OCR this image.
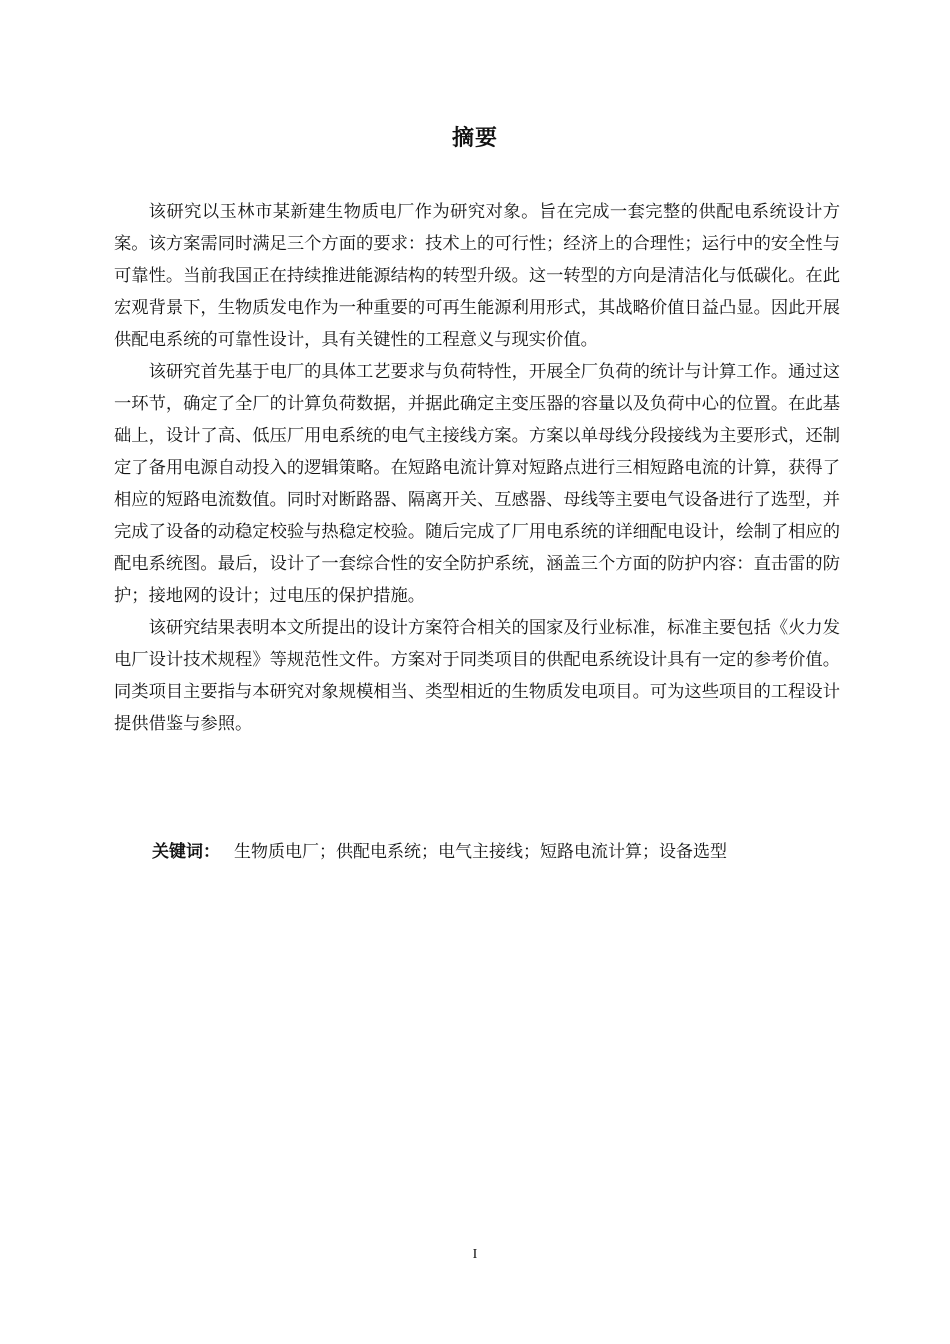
摘要

该研究以玉林市某新建生物质电厂作为研究对象。旨在完成一套完整的供配电系统设计方案。该方案需同时满足三个方面的要求：技术上的可行性；经济上的合理性；运行中的安全性与可靠性。当前我国正在持续推进能源结构的转型升级。这一转型的方向是清洁化与低碳化。在此宏观背景下，生物质发电作为一种重要的可再生能源利用形式，其战略价值日益凸显。因此开展供配电系统的可靠性设计，具有关键性的工程意义与现实价值。

该研究首先基于电厂的具体工艺要求与负荷特性，开展全厂负荷的统计与计算工作。通过这一环节，确定了全厂的计算负荷数据，并据此确定主变压器的容量以及负荷中心的位置。在此基础上，设计了高、低压厂用电系统的电气主接线方案。方案以单母线分段接线为主要形式，还制定了备用电源自动投入的逻辑策略。在短路电流计算对短路点进行三相短路电流的计算，获得了相应的短路电流数值。同时对断路器、隔离开关、互感器、母线等主要电气设备进行了选型，并完成了设备的动稳定校验与热稳定校验。随后完成了厂用电系统的详细配电设计，绘制了相应的配电系统图。最后，设计了一套综合性的安全防护系统，涵盖三个方面的防护内容：直击雷的防护；接地网的设计；过电压的保护措施。

该研究结果表明本文所提出的设计方案符合相关的国家及行业标准，标准主要包括《火力发电厂设计技术规程》等规范性文件。方案对于同类项目的供配电系统设计具有一定的参考价值。同类项目主要指与本研究对象规模相当、类型相近的生物质发电项目。可为这些项目的工程设计提供借鉴与参照。

关键词： 生物质电厂；供配电系统；电气主接线；短路电流计算；设备选型
I
